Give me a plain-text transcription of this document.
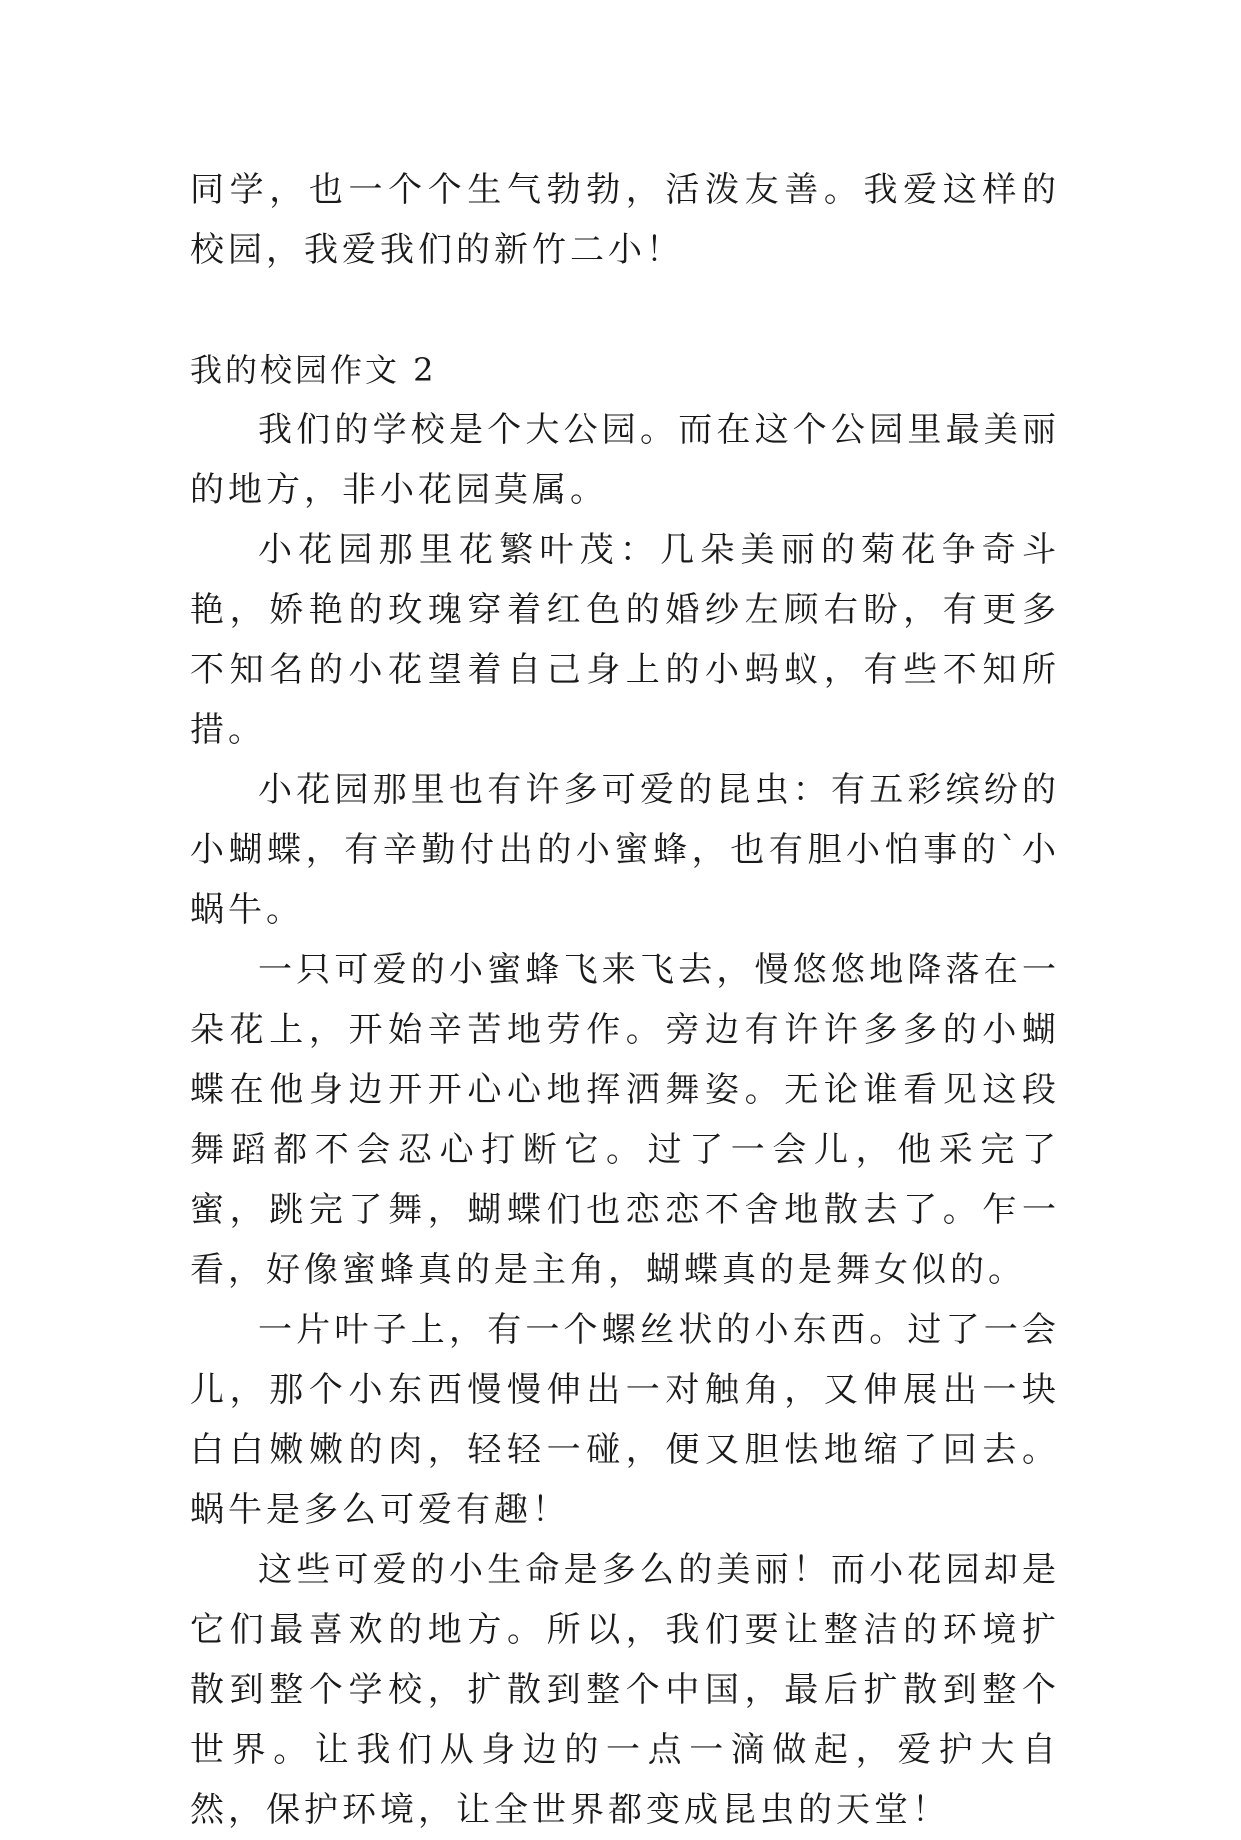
同学，也一个个生气勃勃，活泼友善。我爱这样的校园，我爱我们的新竹二小！

我的校园作文 2

我们的学校是个大公园。而在这个公园里最美丽的地方，非小花园莫属。

小花园那里花繁叶茂：几朵美丽的菊花争奇斗艳，娇艳的玫瑰穿着红色的婚纱左顾右盼，有更多不知名的小花望着自己身上的小蚂蚁，有些不知所措。

小花园那里也有许多可爱的昆虫：有五彩缤纷的小蝴蝶，有辛勤付出的小蜜蜂，也有胆小怕事的`小蜗牛。

一只可爱的小蜜蜂飞来飞去，慢悠悠地降落在一朵花上，开始辛苦地劳作。旁边有许许多多的小蝴蝶在他身边开开心心地挥洒舞姿。无论谁看见这段舞蹈都不会忍心打断它。过了一会儿，他采完了蜜，跳完了舞，蝴蝶们也恋恋不舍地散去了。乍一看，好像蜜蜂真的是主角，蝴蝶真的是舞女似的。

一片叶子上，有一个螺丝状的小东西。过了一会儿，那个小东西慢慢伸出一对触角，又伸展出一块白白嫩嫩的肉，轻轻一碰，便又胆怯地缩了回去。蜗牛是多么可爱有趣！

这些可爱的小生命是多么的美丽！而小花园却是它们最喜欢的地方。所以，我们要让整洁的环境扩散到整个学校，扩散到整个中国，最后扩散到整个世界。让我们从身边的一点一滴做起，爱护大自然，保护环境，让全世界都变成昆虫的天堂！
